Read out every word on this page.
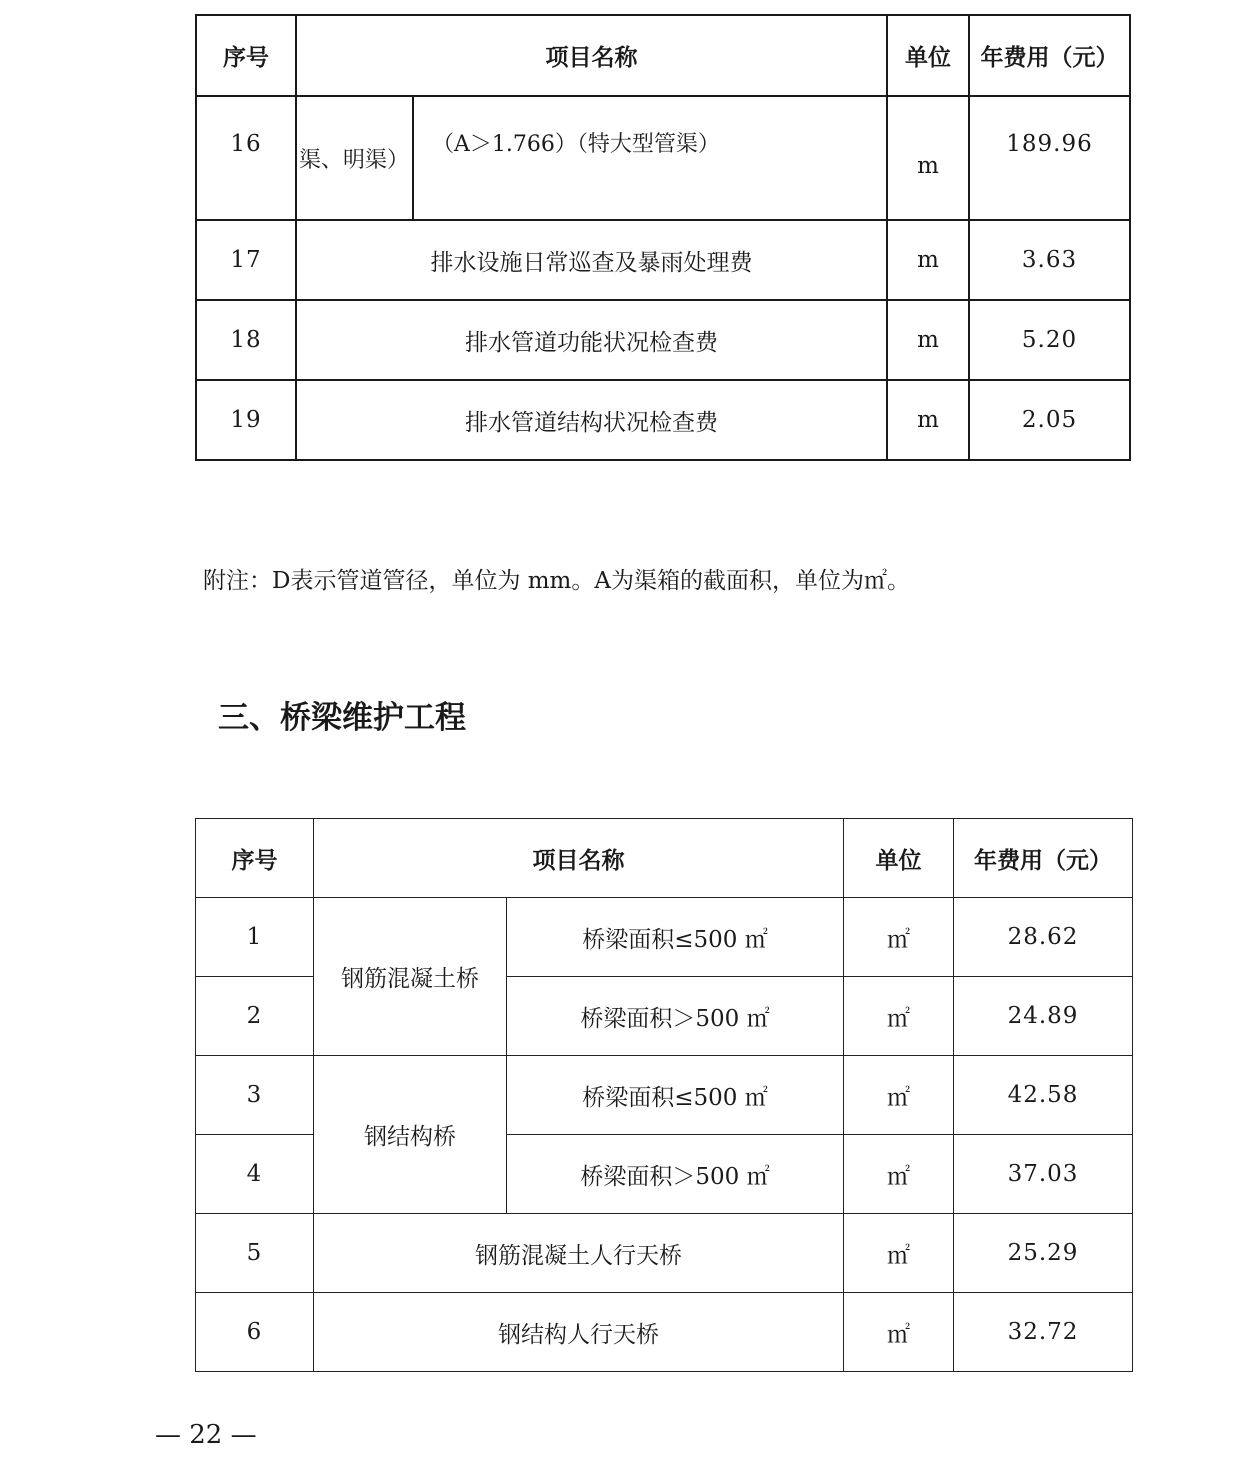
序号	项目名称		单位	年费用（元）
16	渠、明渠）	（A＞1.766）（特大型管渠）	m	189.96
17	排水设施日常巡查及暴雨处理费		m	3.63
18	排水管道功能状况检查费		m	5.20
19	排水管道结构状况检查费		m	2.05
附注：D表示管道管径，单位为 mm。A为渠箱的截面积，单位为㎡。
三、桥梁维护工程
序号	项目名称		单位	年费用（元）
1	钢筋混凝土桥	桥梁面积≤500 ㎡	㎡	28.62
2		桥梁面积＞500 ㎡	㎡	24.89
3	钢结构桥	桥梁面积≤500 ㎡	㎡	42.58
4		桥梁面积＞500 ㎡	㎡	37.03
5	钢筋混凝土人行天桥		㎡	25.29
6	钢结构人行天桥		㎡	32.72
— 22 —
